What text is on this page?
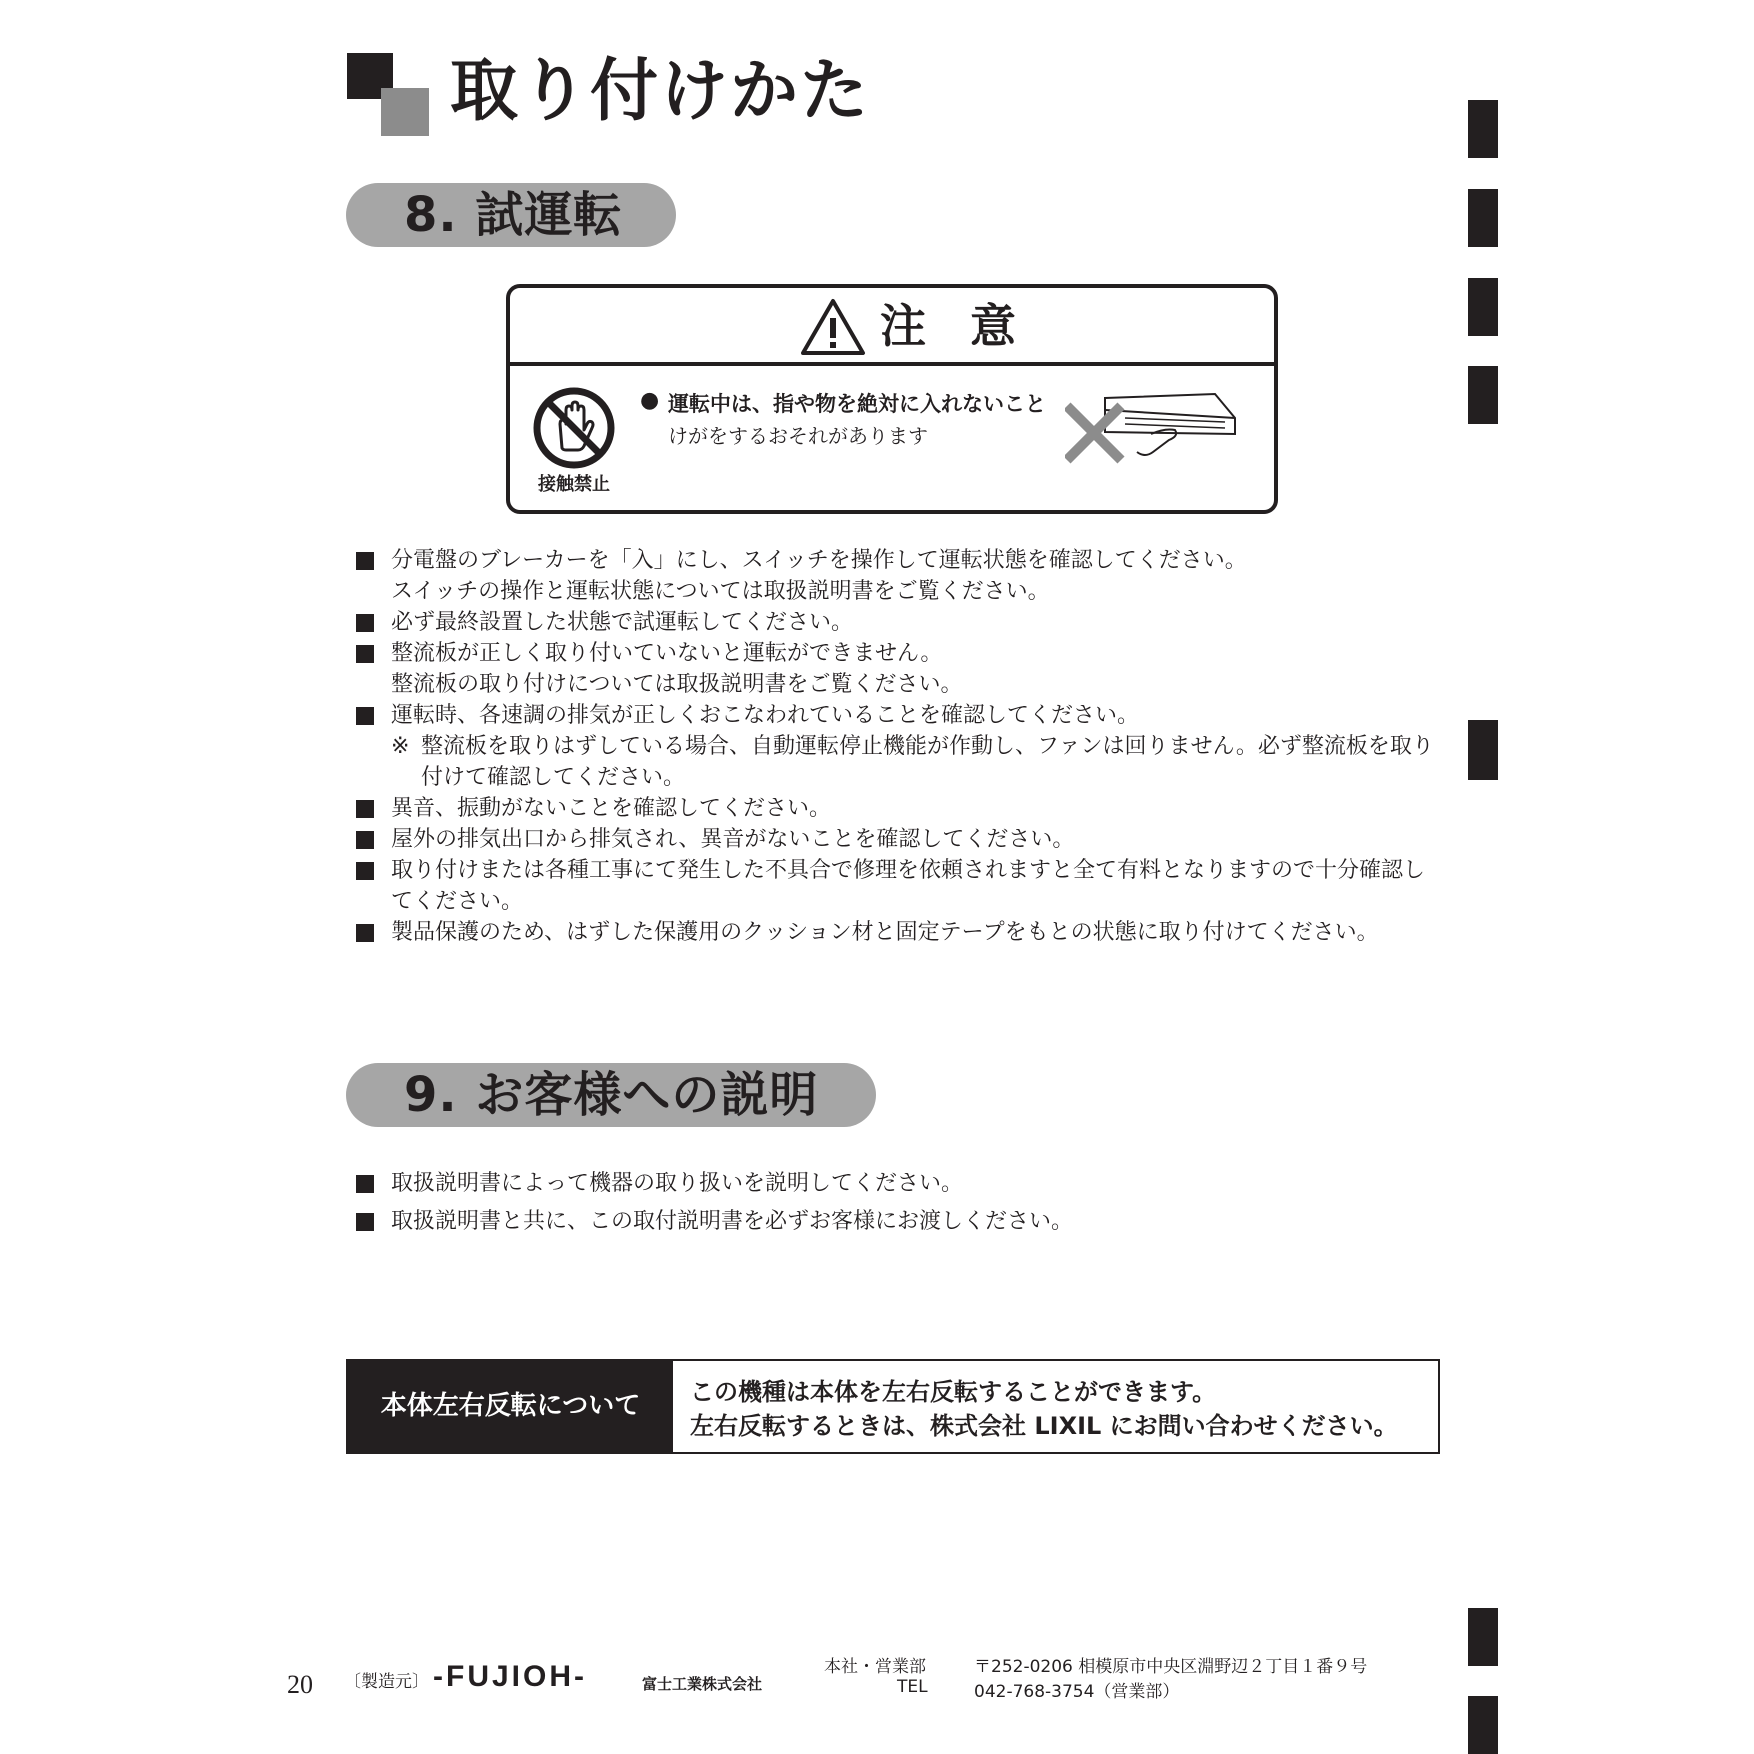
取り付けかた
8. 試運転
注 意
接触禁止
● 運転中は、指や物を絶対に入れないこと
けがをするおそれがあります
分電盤のブレーカーを「入」にし、スイッチを操作して運転状態を確認してください。
スイッチの操作と運転状態については取扱説明書をご覧ください。
必ず最終設置した状態で試運転してください。
整流板が正しく取り付いていないと運転ができません。
整流板の取り付けについては取扱説明書をご覧ください。
運転時、各速調の排気が正しくおこなわれていることを確認してください。
※ 整流板を取りはずしている場合、自動運転停止機能が作動し、ファンは回りません。必ず整流板を取り付けて確認してください。
異音、振動がないことを確認してください。
屋外の排気出口から排気され、異音がないことを確認してください。
取り付けまたは各種工事にて発生した不具合で修理を依頼されますと全て有料となりますので十分確認してください。
製品保護のため、はずした保護用のクッション材と固定テープをもとの状態に取り付けてください。
9. お客様への説明
取扱説明書によって機器の取り扱いを説明してください。
取扱説明書と共に、この取付説明書を必ずお客様にお渡しください。
本体左右反転について	この機種は本体を左右反転することができます。
左右反転するときは、株式会社 LIXIL にお問い合わせください。
20 〔製造元〕 -FUJIOH-	富士工業株式会社
本社・営業部
TEL
〒252-0206 相模原市中央区淵野辺２丁目１番９号
042-768-3754（営業部）
